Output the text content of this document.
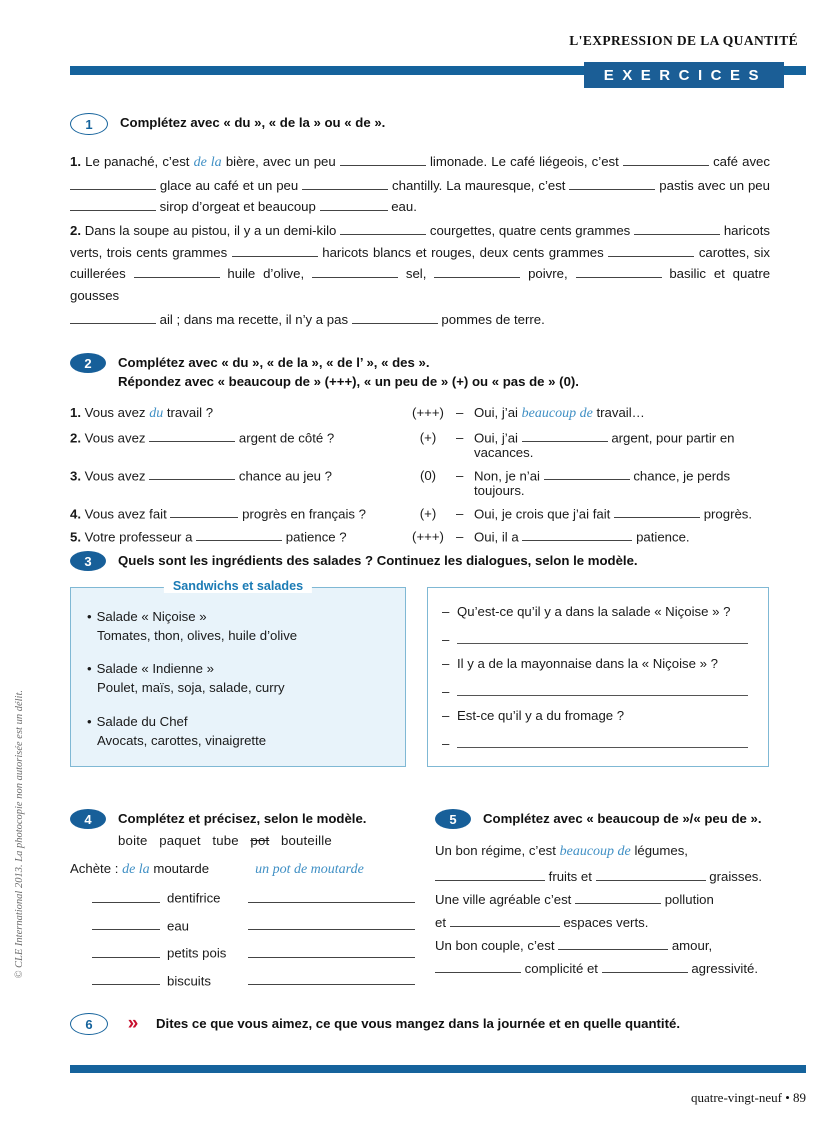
L'EXPRESSION DE LA QUANTITÉ
EXERCICES
© CLE International 2013. La photocopie non autorisée est un délit.
1	Complétez avec « du », « de la » ou « de ».

1. Le panaché, c’est de la bière, avec un peu	limonade. Le café liégeois, c’est	café avec  glace au café et un peu	chantilly. La mauresque, c’est	pastis avec un peu  sirop d’orgeat et beaucoup	eau.

2. Dans la soupe au pistou, il y a un demi-kilo	courgettes, quatre cents grammes	haricots verts, trois cents grammes	haricots blancs et rouges, deux cents grammes	carottes, six cuillerées	huile d’olive,	sel,	poivre,	basilic et quatre gousses

ail ; dans ma recette, il n’y a pas	pommes de terre.

2	Complétez avec « du », « de la », « de l’ », « des ».
Répondez avec « beaucoup de » (+++), « un peu de » (+) ou « pas de » (0).
1. Vous avez du travail ?	(+++) – Oui, j’ai beaucoup de travail…
2. Vous avez	argent de côté ?	(+)	– Oui, j’ai	argent, pour partir en vacances.
3. Vous avez	chance au jeu ?	(0)	– Non, je n’ai	chance, je perds toujours.
4. Vous avez fait	progrès en français ?	(+)	– Oui, je crois que j’ai fait	progrès.
5. Votre professeur a	patience ?	(+++) – Oui, il a	patience.
3	Quels sont les ingrédients des salades ? Continuez les dialogues, selon le modèle.
Sandwichs et salades
• Salade « Niçoise »
Tomates, thon, olives, huile d’olive
• Salade « Indienne »
Poulet, maïs, soja, salade, curry
• Salade du Chef
Avocats, carottes, vinaigrette
– Qu’est-ce qu’il y a dans la salade « Niçoise » ?
–
– Il y a de la mayonnaise dans la « Niçoise » ?
–
– Est-ce qu’il y a du fromage ?
–
4	Complétez et précisez, selon le modèle.
boite paquet tube pot bouteille
Achète :
de la
moutarde	un pot de moutarde
dentifrice
eau
petits pois
biscuits
5	Complétez avec « beaucoup de »/« peu de ».

Un bon régime, c’est beaucoup de légumes,

fruits et	graisses.

Une ville agréable c’est	pollution

et	espaces verts.

Un bon couple, c’est	amour,

complicité et	agressivité.

6	»	Dites ce que vous aimez, ce que vous mangez dans la journée et en quelle quantité.
quatre-vingt-neuf • 89
